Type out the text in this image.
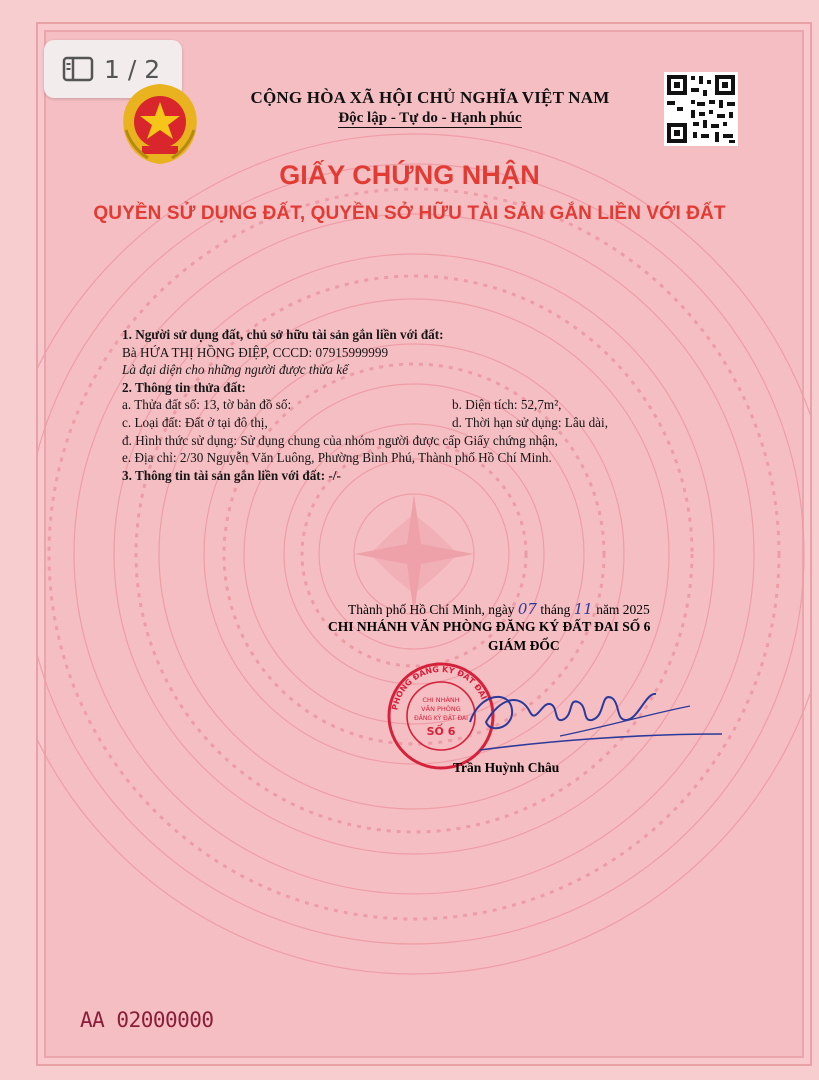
1 / 2
CỘNG HÒA XÃ HỘI CHỦ NGHĨA VIỆT NAM
Độc lập - Tự do - Hạnh phúc
GIẤY CHỨNG NHẬN
QUYỀN SỬ DỤNG ĐẤT, QUYỀN SỞ HỮU TÀI SẢN GẮN LIỀN VỚI ĐẤT
1. Người sử dụng đất, chủ sở hữu tài sản gắn liền với đất:
Bà HỨA THỊ HỒNG ĐIỆP, CCCD: 07915999999
Là đại diện cho những người được thừa kế
2. Thông tin thửa đất:
a. Thửa đất số: 13, tờ bản đồ số:	b. Diện tích: 52,7m²,
c. Loại đất: Đất ở tại đô thị,	d. Thời hạn sử dụng: Lâu dài,
đ. Hình thức sử dụng: Sử dụng chung của nhóm người được cấp Giấy chứng nhận,
e. Địa chỉ: 2/30 Nguyễn Văn Luông, Phường Bình Phú, Thành phố Hồ Chí Minh.
3. Thông tin tài sản gắn liền với đất: -/-
Thành phố Hồ Chí Minh, ngày 07 tháng 11 năm 2025
CHI NHÁNH VĂN PHÒNG ĐĂNG KÝ ĐẤT ĐAI SỐ 6
GIÁM ĐỐC
PHÒNG ĐĂNG KÝ ĐẤT ĐAI
CHI NHÁNH
VĂN PHÒNG
ĐĂNG KÝ ĐẤT ĐAI
SỐ 6
Trần Huỳnh Châu
AA 02000000
